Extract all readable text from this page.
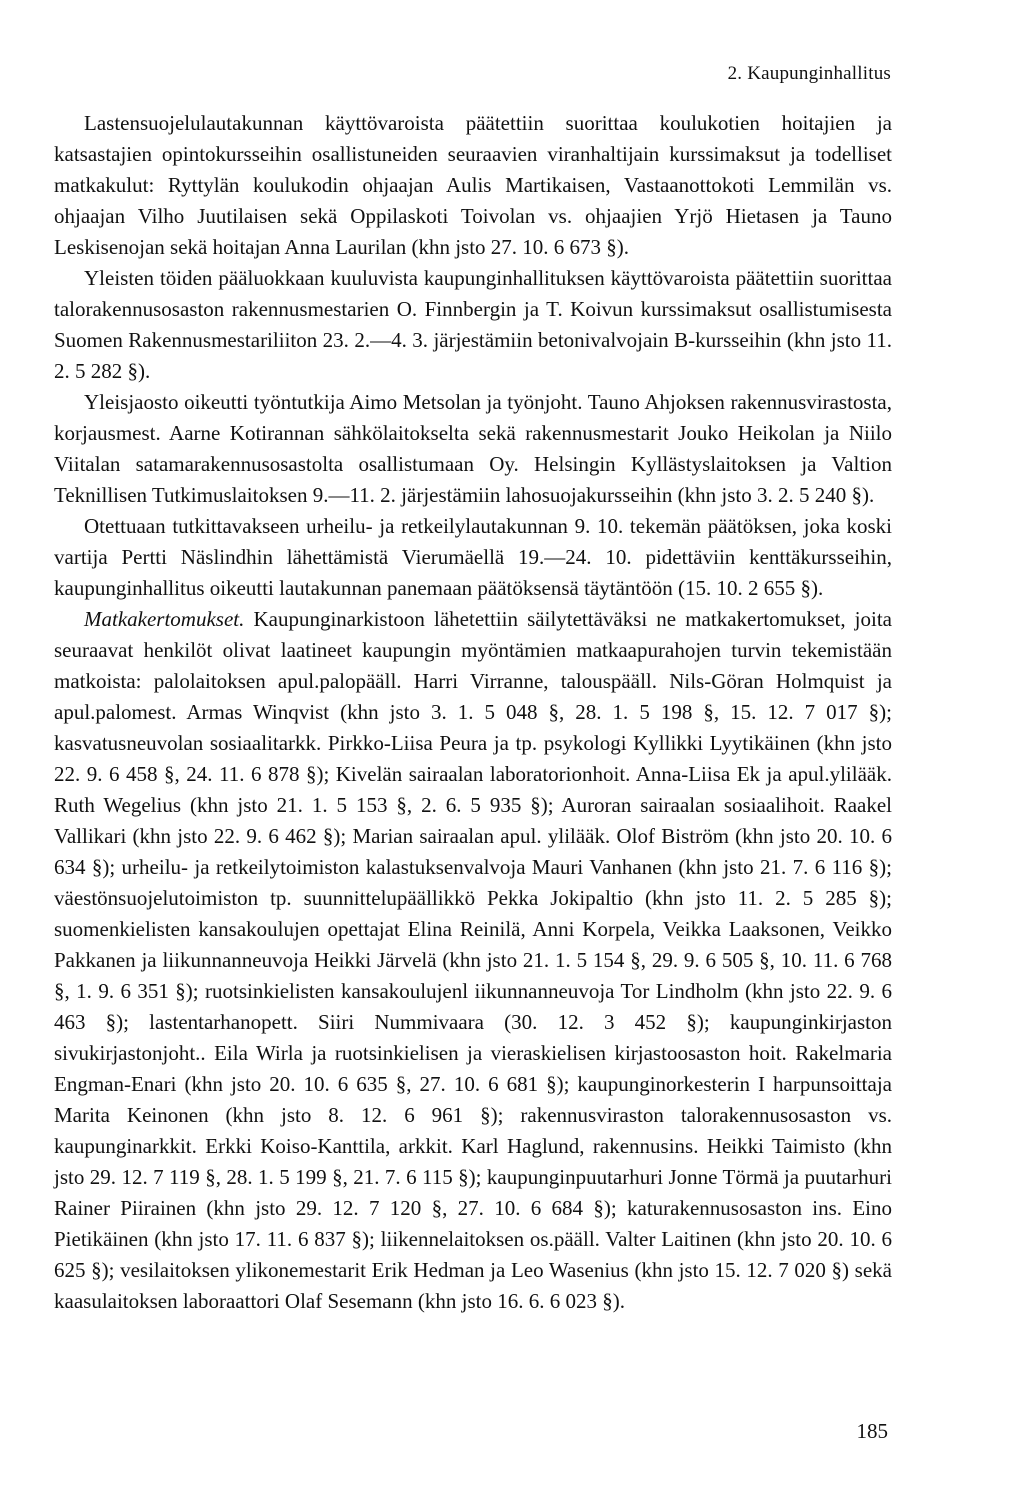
2. Kaupunginhallitus

Lastensuojelulautakunnan käyttövaroista päätettiin suorittaa koulukotien hoitajien ja katsastajien opintokursseihin osallistuneiden seuraavien viranhaltijain kurssimaksut ja todelliset matkakulut: Ryttylän koulukodin ohjaajan Aulis Martikaisen, Vastaanottokoti Lemmilän vs. ohjaajan Vilho Juutilaisen sekä Oppilaskoti Toivolan vs. ohjaajien Yrjö Hietasen ja Tauno Leskisenojan sekä hoitajan Anna Laurilan (khn jsto 27. 10. 6 673 §).

Yleisten töiden pääluokkaan kuuluvista kaupunginhallituksen käyttövaroista päätettiin suorittaa talorakennusosaston rakennusmestarien O. Finnbergin ja T. Koivun kurssimaksut osallistumisesta Suomen Rakennusmestariliiton 23. 2.—4. 3. järjestämiin betonivalvojain B-kursseihin (khn jsto 11. 2. 5 282 §).

Yleisjaosto oikeutti työntutkija Aimo Metsolan ja työnjoht. Tauno Ahjoksen rakennusvirastosta, korjausmest. Aarne Kotirannan sähkölaitokselta sekä rakennusmestarit Jouko Heikolan ja Niilo Viitalan satamarakennusosastolta osallistumaan Oy. Helsingin Kyllästyslaitoksen ja Valtion Teknillisen Tutkimuslaitoksen 9.—11. 2. järjestämiin lahosuojakursseihin (khn jsto 3. 2. 5 240 §).

Otettuaan tutkittavakseen urheilu- ja retkeilylautakunnan 9. 10. tekemän päätöksen, joka koski vartija Pertti Näslindhin lähettämistä Vierumäellä 19.—24. 10. pidettäviin kenttäkursseihin, kaupunginhallitus oikeutti lautakunnan panemaan päätöksensä täytäntöön (15. 10. 2 655 §).

Matkakertomukset. Kaupunginarkistoon lähetettiin säilytettäväksi ne matkakertomukset, joita seuraavat henkilöt olivat laatineet kaupungin myöntämien matkaapurahojen turvin tekemistään matkoista: palolaitoksen apul.palopääll. Harri Virranne, talouspääll. Nils-Göran Holmquist ja apul.palomest. Armas Winqvist (khn jsto 3. 1. 5 048 §, 28. 1. 5 198 §, 15. 12. 7 017 §); kasvatusneuvolan sosiaalitarkk. Pirkko-Liisa Peura ja tp. psykologi Kyllikki Lyytikäinen (khn jsto 22. 9. 6 458 §, 24. 11. 6 878 §); Kivelän sairaalan laboratorionhoit. Anna-Liisa Ek ja apul.ylilääk. Ruth Wegelius (khn jsto 21. 1. 5 153 §, 2. 6. 5 935 §); Auroran sairaalan sosiaalihoit. Raakel Vallikari (khn jsto 22. 9. 6 462 §); Marian sairaalan apul. ylilääk. Olof Biström (khn jsto 20. 10. 6 634 §); urheilu- ja retkeilytoimiston kalastuksenvalvoja Mauri Vanhanen (khn jsto 21. 7. 6 116 §); väestönsuojelutoimiston tp. suunnittelupäällikkö Pekka Jokipaltio (khn jsto 11. 2. 5 285 §); suomenkielisten kansakoulujen opettajat Elina Reinilä, Anni Korpela, Veikka Laaksonen, Veikko Pakkanen ja liikunnanneuvoja Heikki Järvelä (khn jsto 21. 1. 5 154 §, 29. 9. 6 505 §, 10. 11. 6 768 §, 1. 9. 6 351 §); ruotsinkielisten kansakoulujenl iikunnanneuvoja Tor Lindholm (khn jsto 22. 9. 6 463 §); lastentarhanopett. Siiri Nummivaara (30. 12. 3 452 §); kaupunginkirjaston sivukirjastonjoht.. Eila Wirla ja ruotsinkielisen ja vieraskielisen kirjastoosaston hoit. Rakelmaria Engman-Enari (khn jsto 20. 10. 6 635 §, 27. 10. 6 681 §); kaupunginorkesterin I harpunsoittaja Marita Keinonen (khn jsto 8. 12. 6 961 §); rakennusviraston talorakennusosaston vs. kaupunginarkkit. Erkki Koiso-Kanttila, arkkit. Karl Haglund, rakennusins. Heikki Taimisto (khn jsto 29. 12. 7 119 §, 28. 1. 5 199 §, 21. 7. 6 115 §); kaupunginpuutarhuri Jonne Törmä ja puutarhuri Rainer Piirainen (khn jsto 29. 12. 7 120 §, 27. 10. 6 684 §); katurakennusosaston ins. Eino Pietikäinen (khn jsto 17. 11. 6 837 §); liikennelaitoksen os.pääll. Valter Laitinen (khn jsto 20. 10. 6 625 §); vesilaitoksen ylikonemestarit Erik Hedman ja Leo Wasenius (khn jsto 15. 12. 7 020 §) sekä kaasulaitoksen laboraattori Olaf Sesemann (khn jsto 16. 6. 6 023 §).

185
